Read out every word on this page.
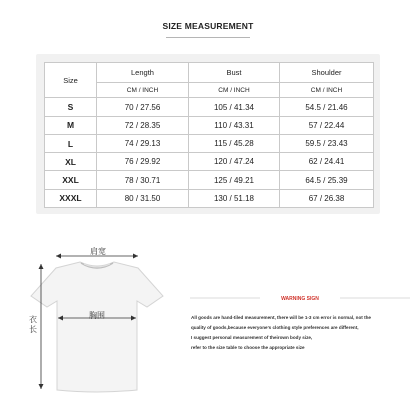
SIZE MEASUREMENT
Size	Length	Bust	Shoulder
	CM / INCH	CM / INCH	CM / INCH
S	70 / 27.56	105 / 41.34	54.5 / 21.46
M	72 / 28.35	110 / 43.31	57 / 22.44
L	74 / 29.13	115 / 45.28	59.5 / 23.43
XL	76 / 29.92	120 / 47.24	62 / 24.41
XXL	78 / 30.71	125 / 49.21	64.5 / 25.39
XXXL	80 / 31.50	130 / 51.18	67 / 26.38
肩宽
胸围
衣长
WARNING SIGN
All goods are hand-tiled measurement, there will be 1-3 cm error is normal, not the
quality of goods,because everyone's clothing style preferences are different,
I suggest personal measurement of theirown body size,
refer to the size table to choose the appropriate size
